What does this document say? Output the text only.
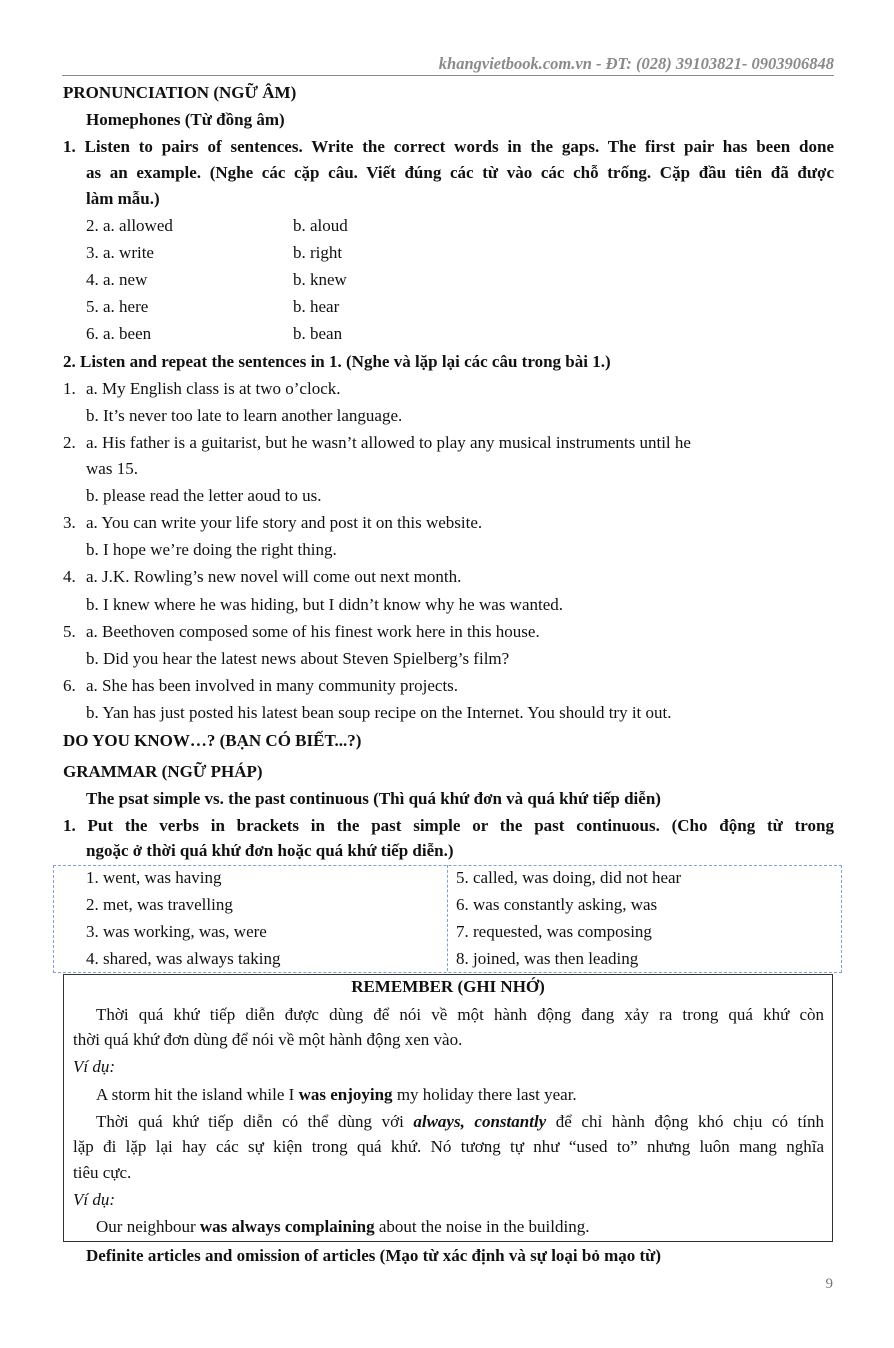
khangvietbook.com.vn - ĐT: (028) 39103821- 0903906848
PRONUNCIATION (NGỮ ÂM)
Homephones (Từ đồng âm)
1. Listen to pairs of sentences. Write the correct words in the gaps. The first pair has been done
as an example. (Nghe các cặp câu. Viết đúng các từ vào các chỗ trống. Cặp đầu tiên đã được
làm mẫu.)
2. a. allowed	b. aloud
3. a. write	b. right
4. a. new	b. knew
5. a. here	b. hear
6. a. been	b. bean
2. Listen and repeat the sentences in 1. (Nghe và lặp lại các câu trong bài 1.)
1. a. My English class is at two o’clock.
b. It’s never too late to learn another language.
2. a. His father is a guitarist, but he wasn’t allowed to play any musical instruments until he
was 15.
b. please read the letter aoud to us.
3. a. You can write your life story and post it on this website.
b. I hope we’re doing the right thing.
4. a. J.K. Rowling’s new novel will come out next month.
b. I knew where he was hiding, but I didn’t know why he was wanted.
5. a. Beethoven composed some of his finest work here in this house.
b. Did you hear the latest news about Steven Spielberg’s film?
6. a. She has been involved in many community projects.
b. Yan has just posted his latest bean soup recipe on the Internet. You should try it out.
DO YOU KNOW…? (BẠN CÓ BIẾT...?)
GRAMMAR (NGỮ PHÁP)
The psat simple vs. the past continuous (Thì quá khứ đơn và quá khứ tiếp diễn)
1. Put the verbs in brackets in the past simple or the past continuous. (Cho động từ trong
ngoặc ở thời quá khứ đơn hoặc quá khứ tiếp diễn.)
1. went, was having
2. met, was travelling
3. was working, was, were
4. shared, was always taking
5. called, was doing, did not hear
6. was constantly asking, was
7. requested, was composing
8. joined, was then leading
REMEMBER (GHI NHỚ)
Thời quá khứ tiếp diễn được dùng để nói về một hành động đang xảy ra trong quá khứ còn
thời quá khứ đơn dùng để nói về một hành động xen vào.
Ví dụ:
A storm hit the island while I was enjoying my holiday there last year.
Thời quá khứ tiếp diễn có thể dùng với always, constantly để chỉ hành động khó chịu có tính
lặp đi lặp lại hay các sự kiện trong quá khứ. Nó tương tự như “used to” nhưng luôn mang nghĩa
tiêu cực.
Ví dụ:
Our neighbour was always complaining about the noise in the building.
Definite articles and omission of articles (Mạo từ xác định và sự loại bỏ mạo từ)
9
